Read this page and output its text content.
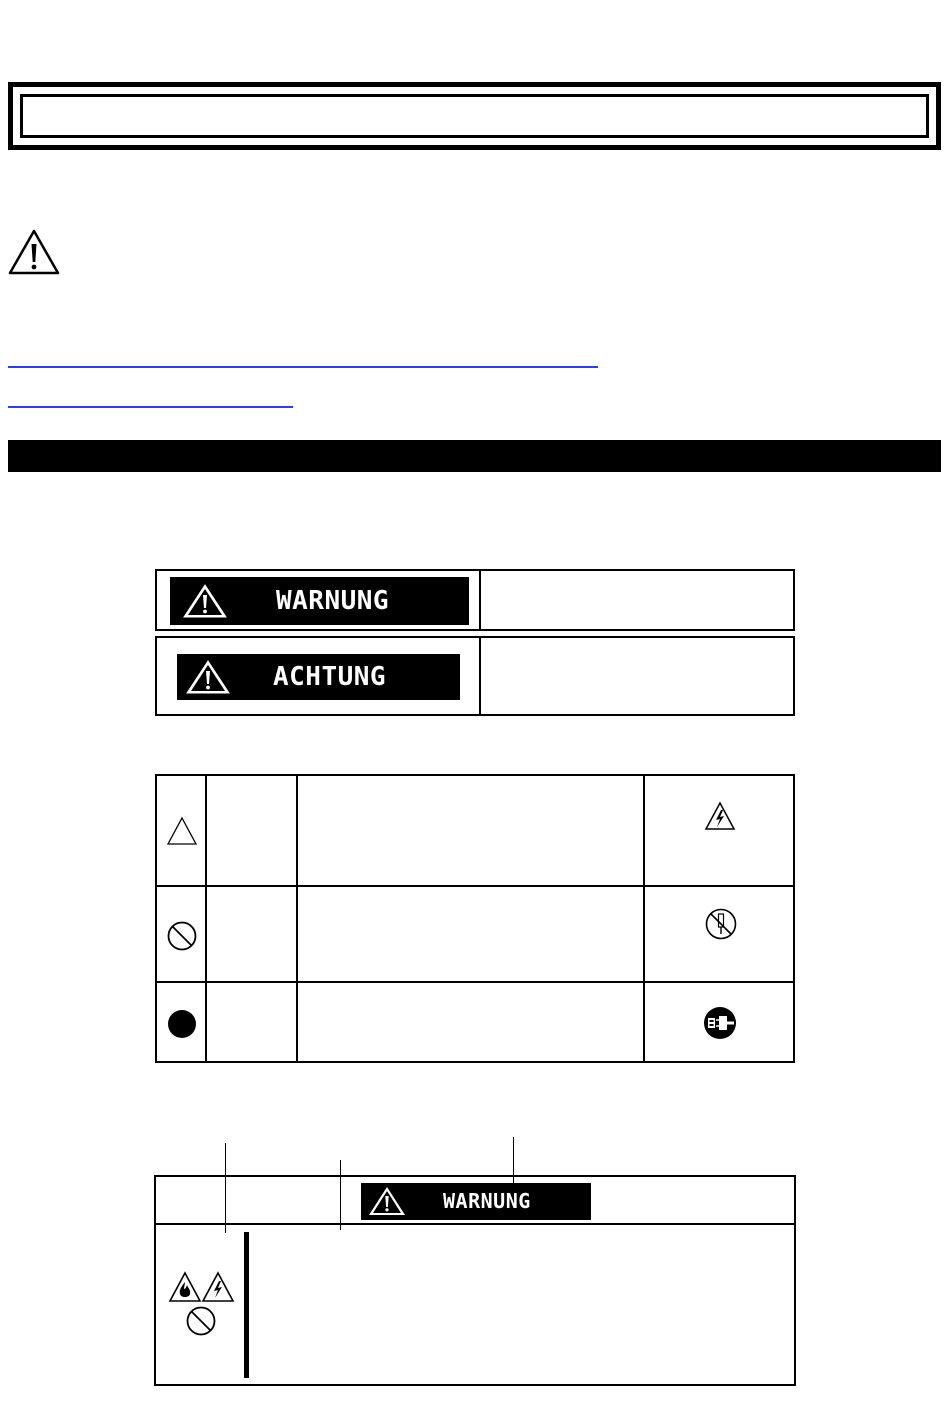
WARNUNG
ACHTUNG
WARNUNG
